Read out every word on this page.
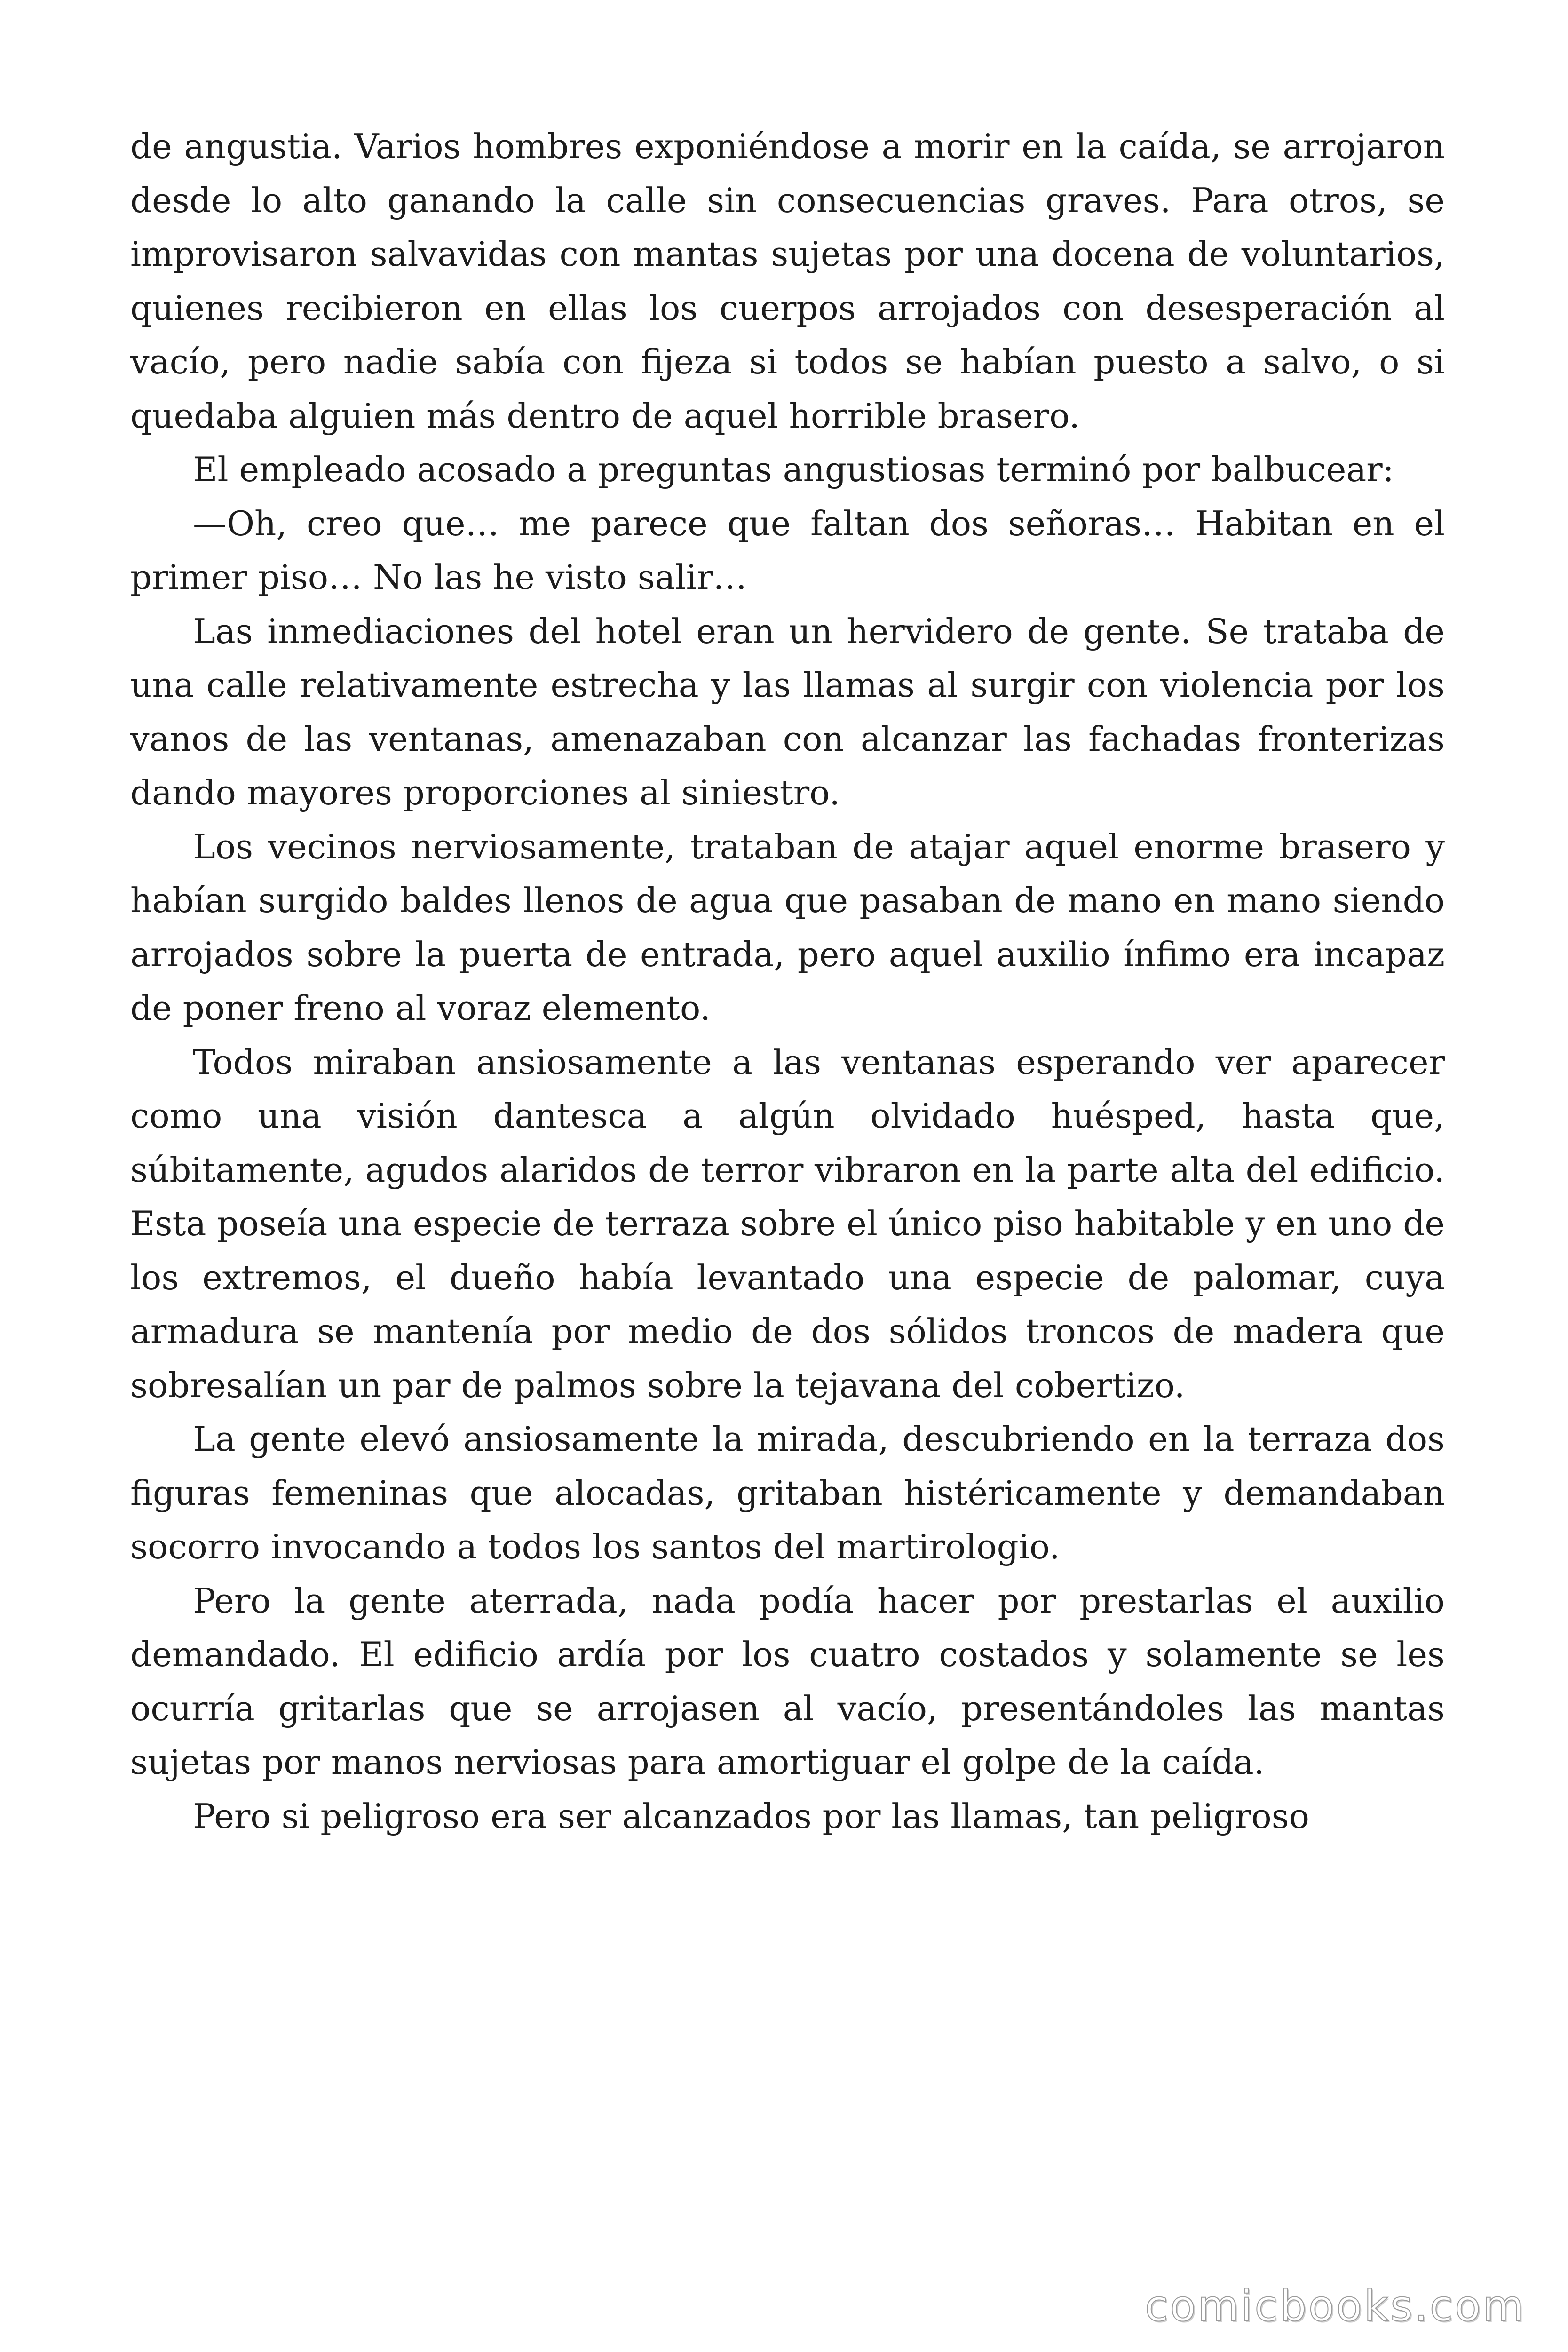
de angustia. Varios hombres exponiéndose a morir en la caída, se arrojaron desde lo alto ganando la calle sin consecuencias graves. Para otros, se improvisaron salvavidas con mantas sujetas por una docena de voluntarios, quienes recibieron en ellas los cuerpos arrojados con desesperación al vacío, pero nadie sabía con fijeza si todos se habían puesto a salvo, o si quedaba alguien más dentro de aquel horrible brasero.

El empleado acosado a preguntas angustiosas terminó por balbucear:

—Oh, creo que… me parece que faltan dos señoras… Habitan en el primer piso… No las he visto salir…

Las inmediaciones del hotel eran un hervidero de gente. Se trataba de una calle relativamente estrecha y las llamas al surgir con violencia por los vanos de las ventanas, amenazaban con alcanzar las fachadas fronterizas dando mayores proporciones al siniestro.

Los vecinos nerviosamente, trataban de atajar aquel enorme brasero y habían surgido baldes llenos de agua que pasaban de mano en mano siendo arrojados sobre la puerta de entrada, pero aquel auxilio ínfimo era incapaz de poner freno al voraz elemento.

Todos miraban ansiosamente a las ventanas esperando ver aparecer como una visión dantesca a algún olvidado huésped, hasta que, súbitamente, agudos alaridos de terror vibraron en la parte alta del edificio. Esta poseía una especie de terraza sobre el único piso habitable y en uno de los extremos, el dueño había levantado una especie de palomar, cuya armadura se mantenía por medio de dos sólidos troncos de madera que sobresalían un par de palmos sobre la tejavana del cobertizo.

La gente elevó ansiosamente la mirada, descubriendo en la terraza dos figuras femeninas que alocadas, gritaban histéricamente y demandaban socorro invocando a todos los santos del martirologio.

Pero la gente aterrada, nada podía hacer por prestarlas el auxilio demandado. El edificio ardía por los cuatro costados y solamente se les ocurría gritarlas que se arrojasen al vacío, presentándoles las mantas sujetas por manos nerviosas para amortiguar el golpe de la caída.

Pero si peligroso era ser alcanzados por las llamas, tan peligroso

comicbooks.com
